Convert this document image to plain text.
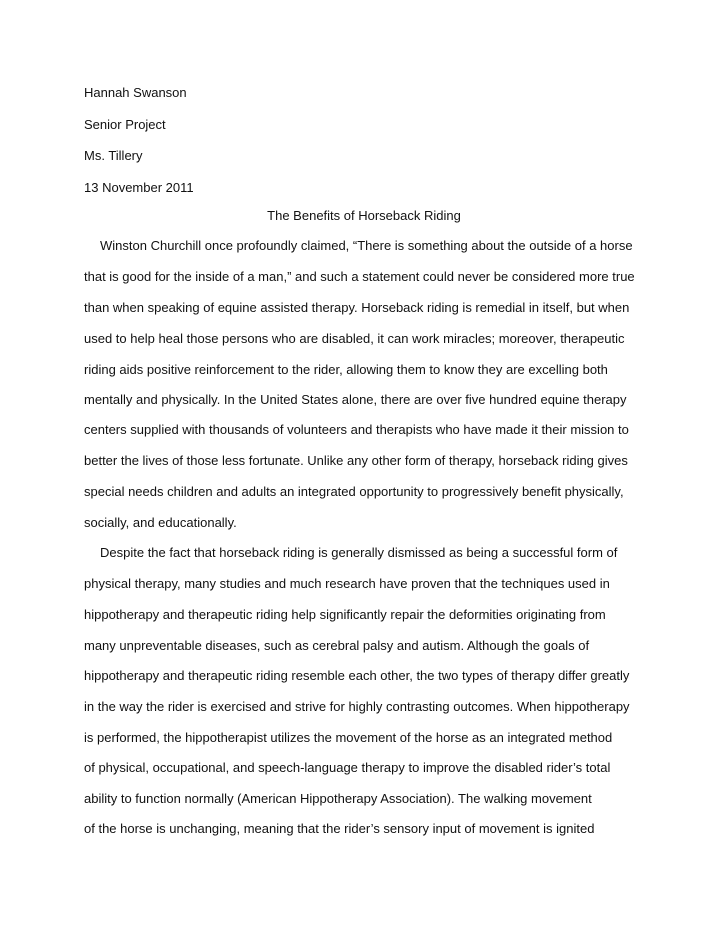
Hannah Swanson
Senior Project
Ms. Tillery
13 November 2011
The Benefits of Horseback Riding
Winston Churchill once profoundly claimed, “There is something about the outside of a horse
that is good for the inside of a man,” and such a statement could never be considered more true
than when speaking of equine assisted therapy. Horseback riding is remedial in itself, but when
used to help heal those persons who are disabled, it can work miracles; moreover, therapeutic
riding aids positive reinforcement to the rider, allowing them to know they are excelling both
mentally and physically. In the United States alone, there are over five hundred equine therapy
centers supplied with thousands of volunteers and therapists who have made it their mission to
better the lives of those less fortunate. Unlike any other form of therapy, horseback riding gives
special needs children and adults an integrated opportunity to progressively benefit physically,
socially, and educationally.
Despite the fact that horseback riding is generally dismissed as being a successful form of
physical therapy, many studies and much research have proven that the techniques used in
hippotherapy and therapeutic riding help significantly repair the deformities originating from
many unpreventable diseases, such as cerebral palsy and autism. Although the goals of
hippotherapy and therapeutic riding resemble each other, the two types of therapy differ greatly
in the way the rider is exercised and strive for highly contrasting outcomes. When hippotherapy
is performed, the hippotherapist utilizes the movement of the horse as an integrated method
of physical, occupational, and speech-language therapy to improve the disabled rider’s total
ability to function normally (American Hippotherapy Association). The walking movement
of the horse is unchanging, meaning that the rider’s sensory input of movement is ignited
